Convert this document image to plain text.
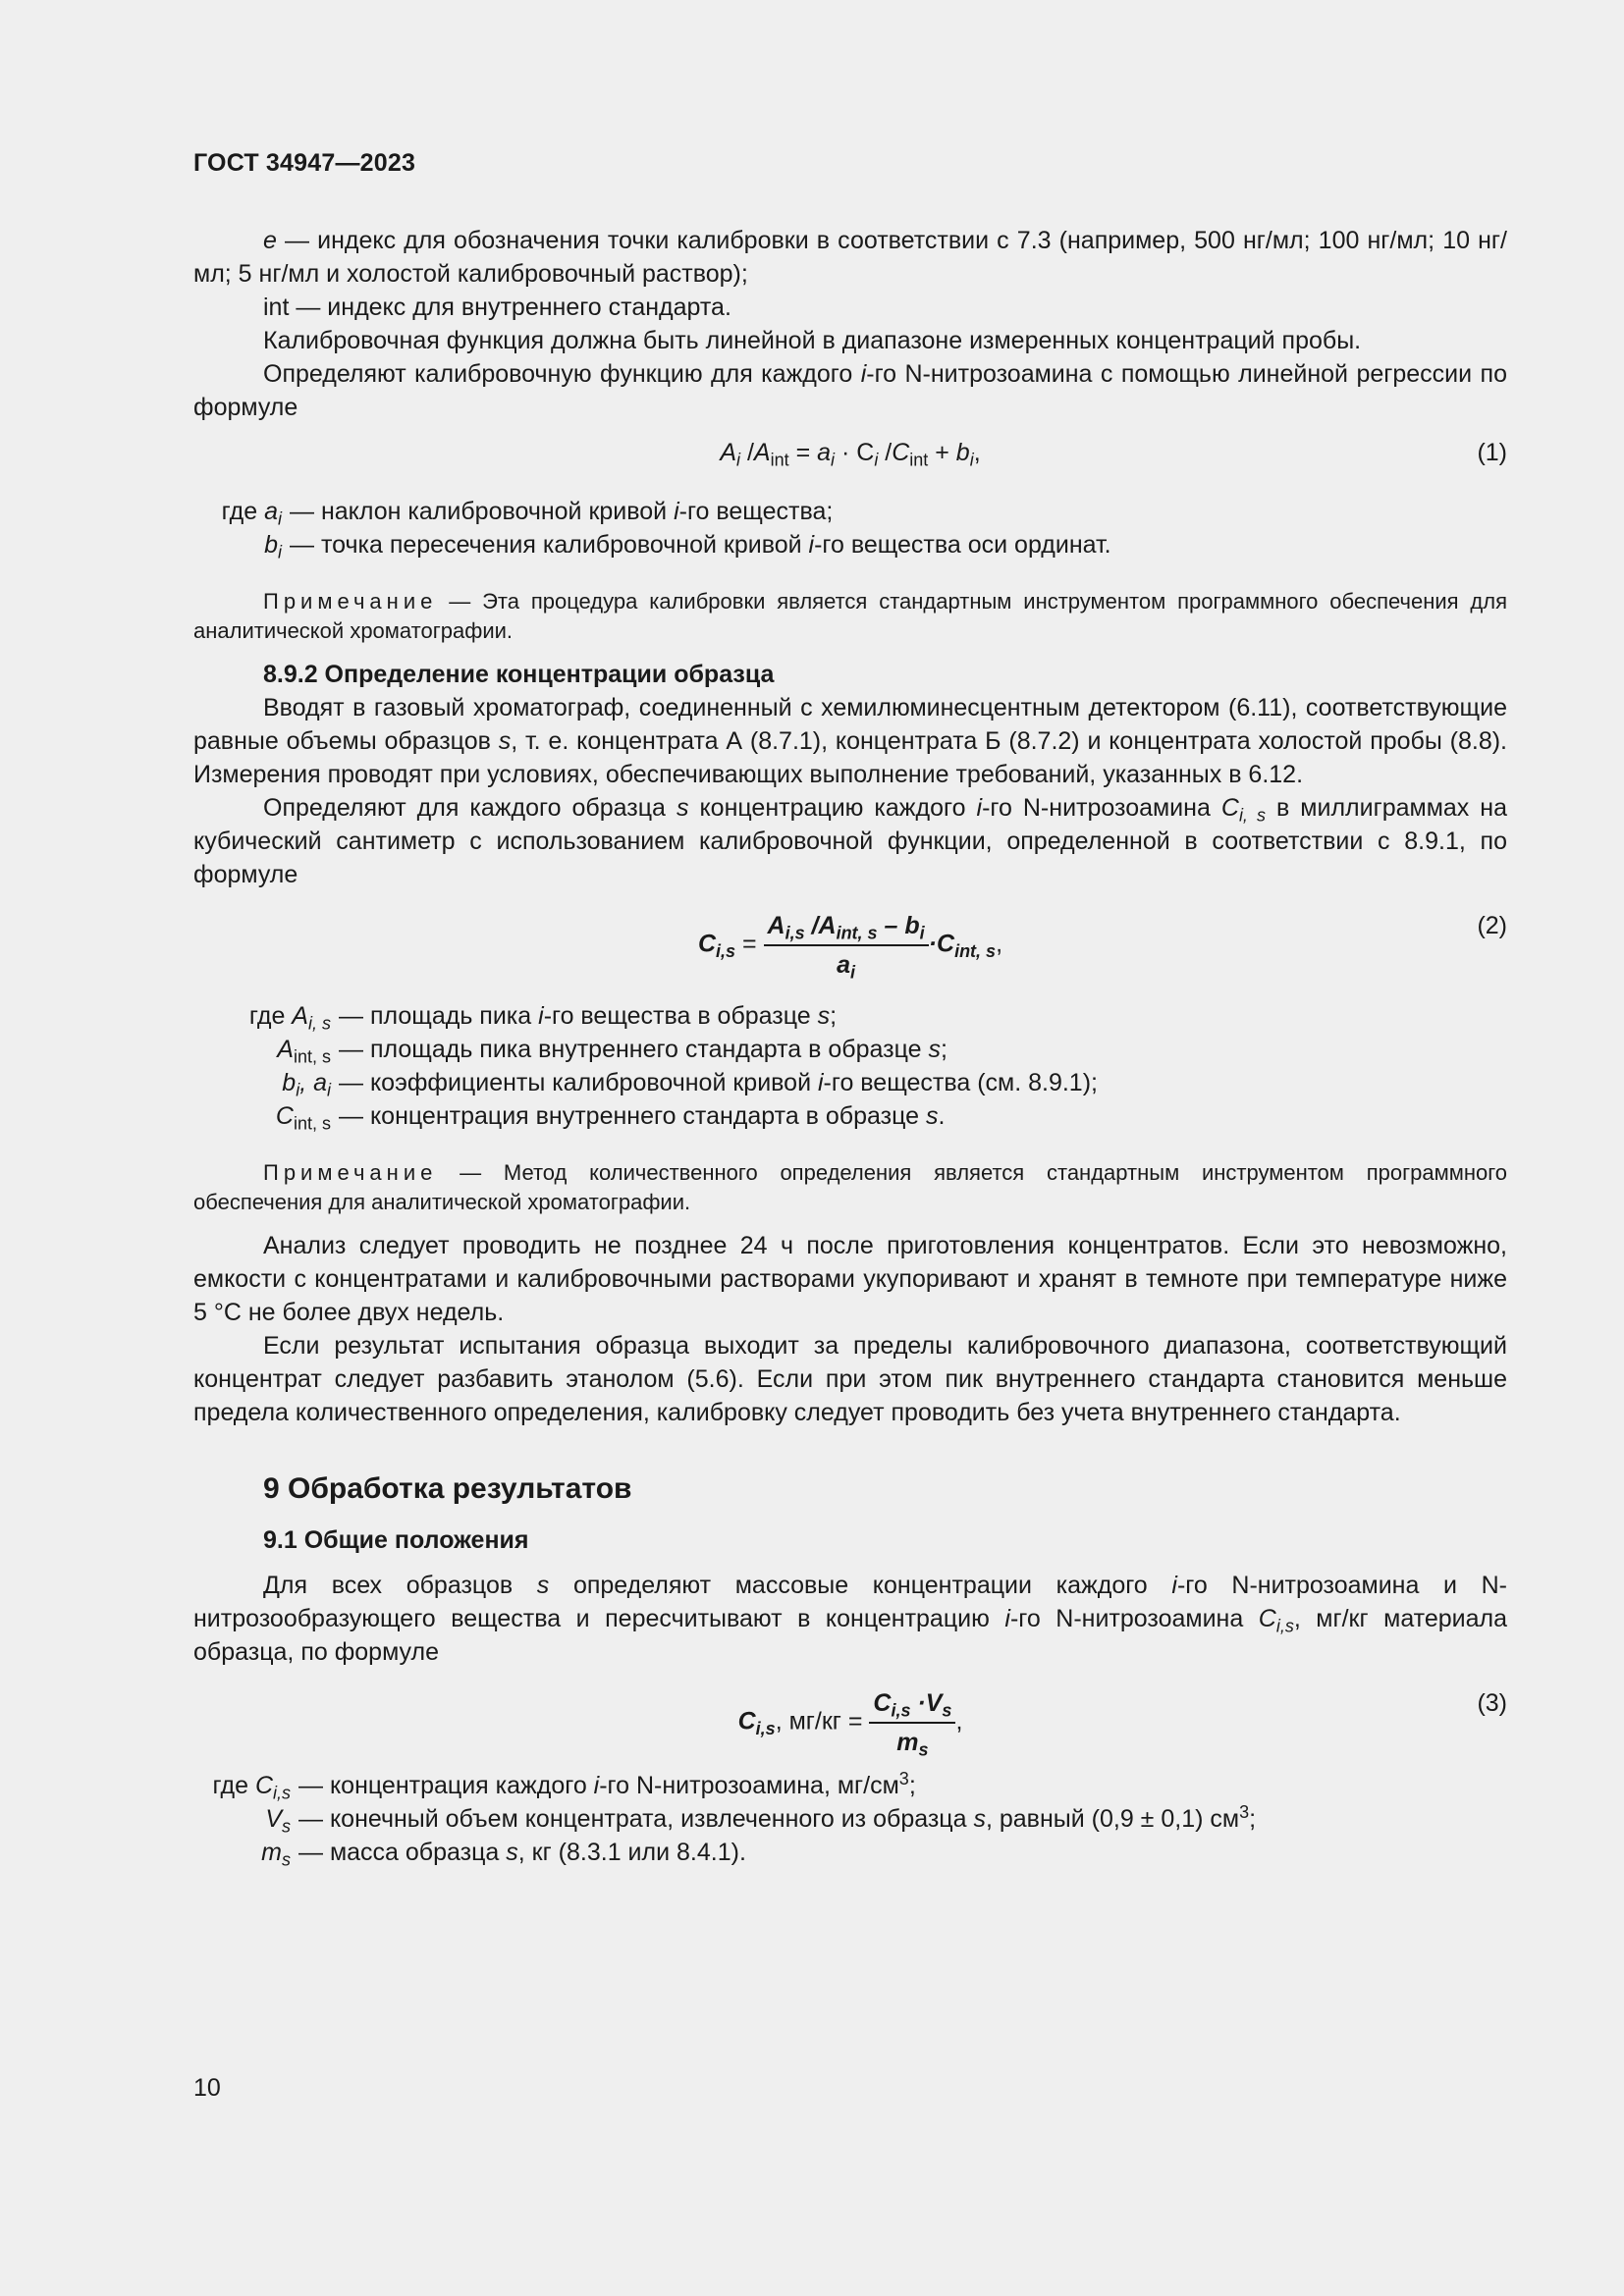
ГОСТ 34947—2023

e — индекс для обозначения точки калибровки в соответствии с 7.3 (например, 500 нг/мл; 100 нг/мл; 10 нг/мл; 5 нг/мл и холостой калибровочный раствор);

int — индекс для внутреннего стандарта.

Калибровочная функция должна быть линейной в диапазоне измеренных концентраций пробы.

Определяют калибровочную функцию для каждого i-го N-нитрозоамина с помощью линейной регрессии по формуле

$A_i$ $/A_{int} = a_i \cdot C_i$ $/C_{int} + b_i$,	(1)
где $a_i$ — наклон калибровочной кривой i-го вещества;
$b_i$ — точка пересечения калибровочной кривой i-го вещества оси ординат.

Примечание — Эта процедура калибровки является стандартным инструментом программного обеспечения для аналитической хроматографии.

8.9.2 Определение концентрации образца

Вводят в газовый хроматограф, соединенный с хемилюминесцентным детектором (6.11), соответствующие равные объемы образцов s, т. е. концентрата А (8.7.1), концентрата Б (8.7.2) и концентрата холостой пробы (8.8). Измерения проводят при условиях, обеспечивающих выполнение требований, указанных в 6.12.

Определяют для каждого образца s концентрацию каждого i-го N-нитрозоамина $C_{i, s}$ в миллиграммах на кубический сантиметр с использованием калибровочной функции, определенной в соответствии с 8.9.1, по формуле

$C_{i,s} = \frac{A_{i,s} /A_{int, s} - b_i}{a_i} \cdot C_{int, s}$,
(2)
где $A_{i, s}$ — площадь пика i-го вещества в образце s;
$A_{int, s}$ — площадь пика внутреннего стандарта в образце s;
$b_i$, $a_i$ — коэффициенты калибровочной кривой i-го вещества (см. 8.9.1);
$C_{int, s}$ — концентрация внутреннего стандарта в образце s.

Примечание — Метод количественного определения является стандартным инструментом программного обеспечения для аналитической хроматографии.

Анализ следует проводить не позднее 24 ч после приготовления концентратов. Если это невозможно, емкости с концентратами и калибровочными растворами укупоривают и хранят в темноте при температуре ниже 5 °С не более двух недель.

Если результат испытания образца выходит за пределы калибровочного диапазона, соответствующий концентрат следует разбавить этанолом (5.6). Если при этом пик внутреннего стандарта становится меньше предела количественного определения, калибровку следует проводить без учета внутреннего стандарта.

9 Обработка результатов

9.1 Общие положения

Для всех образцов s определяют массовые концентрации каждого i-го N-нитрозоамина и N-нитрозообразующего вещества и пересчитывают в концентрацию i-го N-нитрозоамина $C_{i,s}$, мг/кг материала образца, по формуле

$C_{i,s}$, $мг/кг = \frac{C_{i,s} \cdot V_s}{m_s}$ ,
(3)
где $C_{i,s}$ — концентрация каждого i-го N-нитрозоамина, $мг/см^3$;
$V_s$ — конечный объем концентрата, извлеченного из образца s, равный (0,9 ± 0,1) $см^3$;
$m_s$ — масса образца s, кг (8.3.1 или 8.4.1).
10
